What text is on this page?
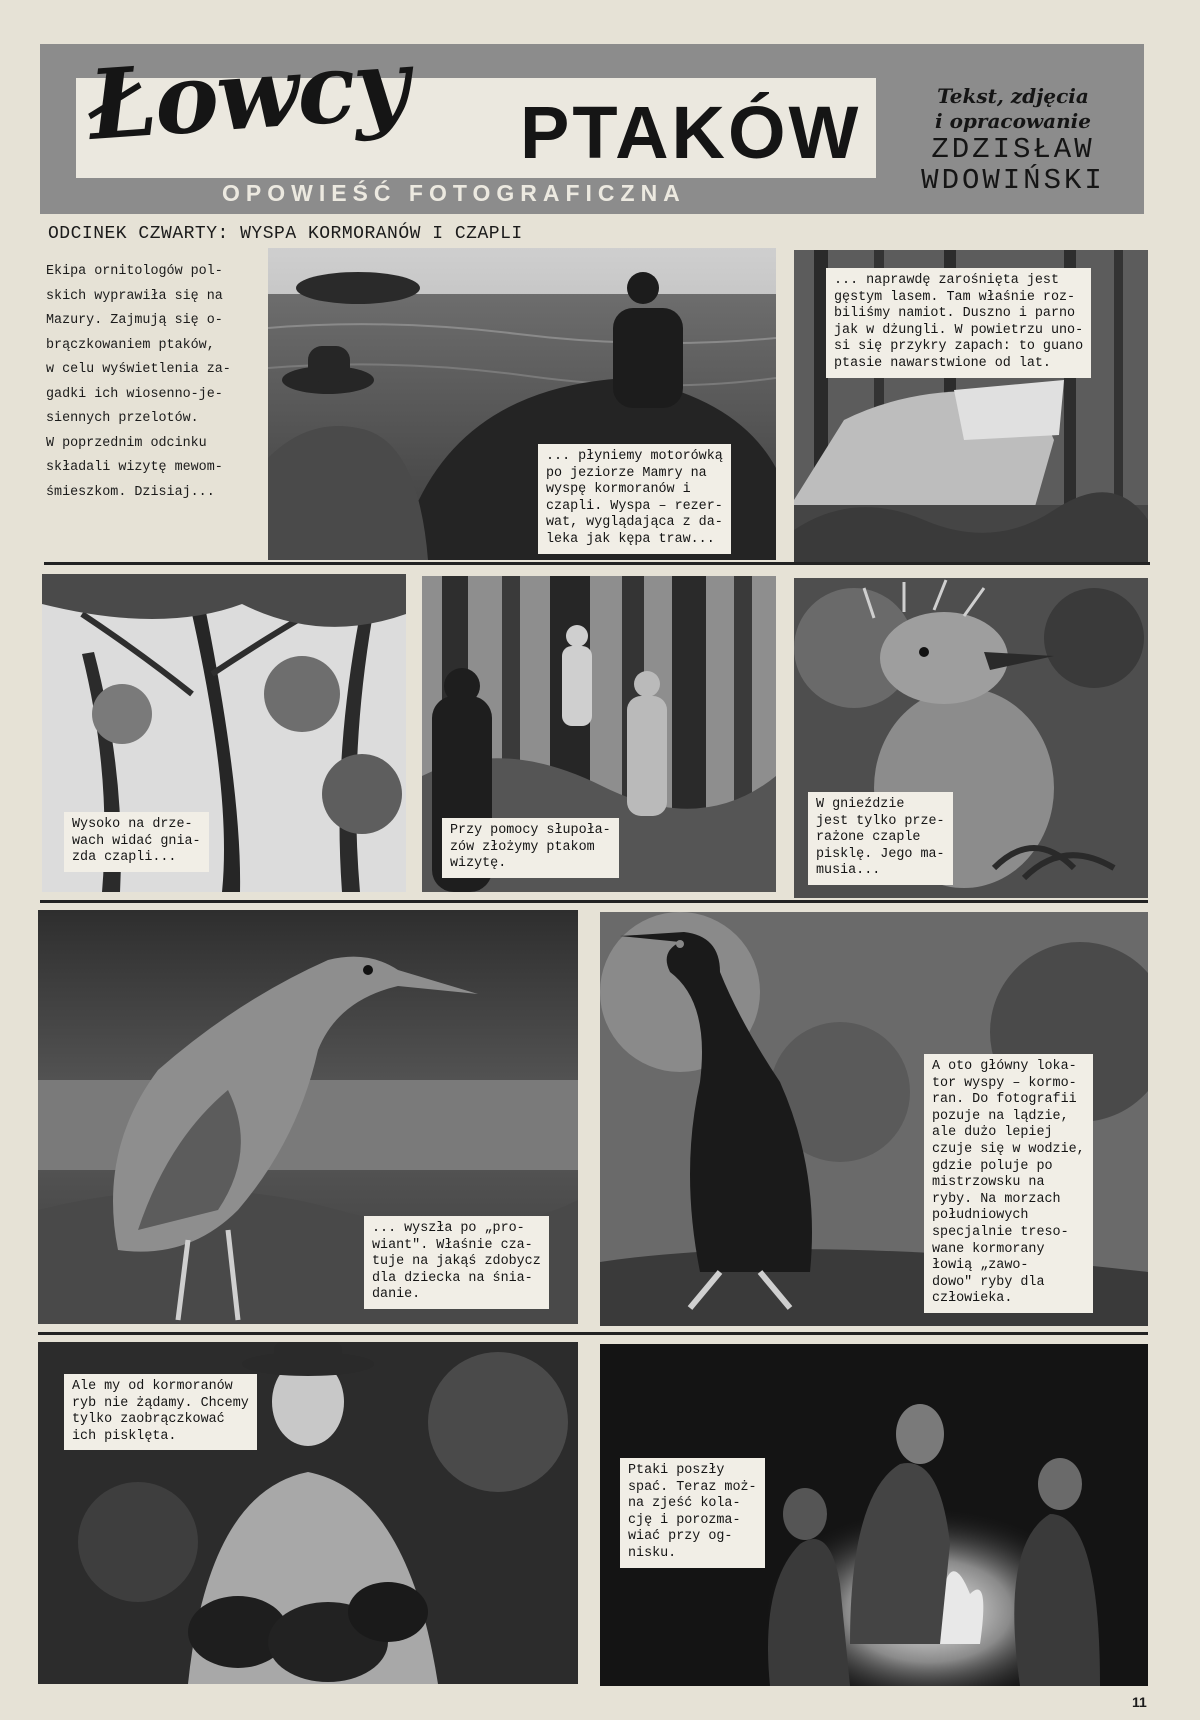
Łowcy PTAKÓW
OPOWIEŚĆ FOTOGRAFICZNA
Tekst, zdjęcia
i opracowanie
ZDZISŁAW
WDOWIŃSKI
ODCINEK CZWARTY: WYSPA KORMORANÓW I CZAPLI
Ekipa ornitologów pol-
skich wyprawiła się na
Mazury. Zajmują się o-
brączkowaniem ptaków,
w celu wyświetlenia za-
gadki ich wiosenno-je-
siennych przelotów.
W poprzednim odcinku
składali wizytę mewom-
śmieszkom. Dzisiaj...
... płyniemy motorówką
po jeziorze Mamry na
wyspę kormoranów i
czapli. Wyspa – rezer-
wat, wyglądająca z da-
leka jak kępa traw...
... naprawdę zarośnięta jest
gęstym lasem. Tam właśnie roz-
biliśmy namiot. Duszno i parno
jak w dżungli. W powietrzu uno-
si się przykry zapach: to guano
ptasie nawarstwione od lat.
Wysoko na drze-
wach widać gnia-
zda czapli...
Przy pomocy słupoła-
zów złożymy ptakom
wizytę.
W gnieździe
jest tylko prze-
rażone czaple
pisklę. Jego ma-
musia...
... wyszła po „pro-
wiant". Właśnie cza-
tuje na jakąś zdobycz
dla dziecka na śnia-
danie.
A oto główny loka-
tor wyspy – kormo-
ran. Do fotografii
pozuje na lądzie,
ale dużo lepiej
czuje się w wodzie,
gdzie poluje po
mistrzowsku na
ryby. Na morzach
południowych
specjalnie treso-
wane kormorany
łowią „zawo-
dowo" ryby dla
człowieka.
Ale my od kormoranów
ryb nie żądamy. Chcemy
tylko zaobrączkować
ich pisklęta.
Ptaki poszły
spać. Teraz moż-
na zjeść kola-
cję i porozma-
wiać przy og-
nisku.
11
